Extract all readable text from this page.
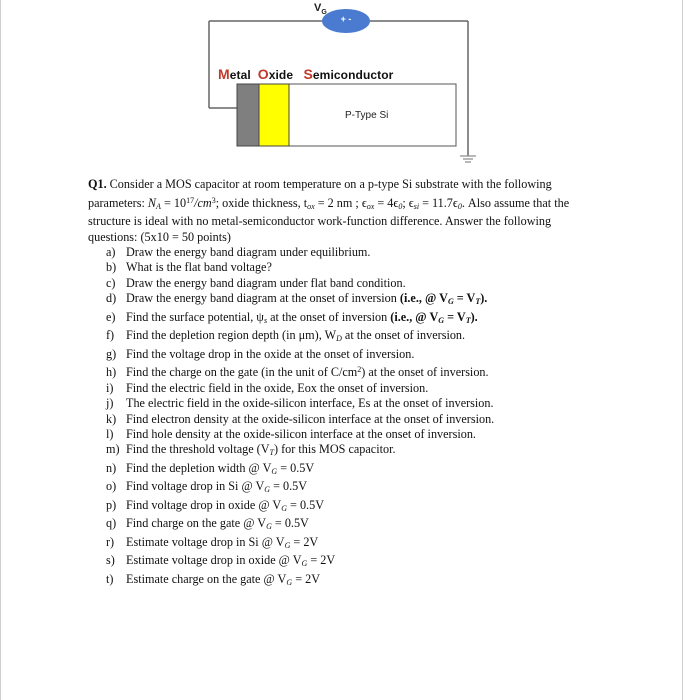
$V_G$
+ -
Metal Oxide Semiconductor
P-Type Si

Q1. Consider a MOS capacitor at room temperature on a p-type Si substrate with the following parameters: $N_A = 10^{17}/cm^3$; oxide thickness, $t_{ox} = 2$ nm ; $\epsilon_{ox} = 4\epsilon_0$; $\epsilon_{si} = 11.7\epsilon_0$. Also assume that the structure is ideal with no metal-semiconductor work-function difference. Answer the following questions: (5x10 = 50 points)

a) Draw the energy band diagram under equilibrium.
b) What is the flat band voltage?
c) Draw the energy band diagram under flat band condition.
d) Draw the energy band diagram at the onset of inversion (i.e., @ $V_G = V_T$).
e) Find the surface potential, $\psi_s$ at the onset of inversion (i.e., @ $V_G = V_T$).
f) Find the depletion region depth (in μm), $W_D$ at the onset of inversion.
g) Find the voltage drop in the oxide at the onset of inversion.
h) Find the charge on the gate (in the unit of $C/cm^2$) at the onset of inversion.
i) Find the electric field in the oxide, Eox the onset of inversion.
j) The electric field in the oxide-silicon interface, Es at the onset of inversion.
k) Find electron density at the oxide-silicon interface at the onset of inversion.
l) Find hole density at the oxide-silicon interface at the onset of inversion.
m) Find the threshold voltage $(V_T)$ for this MOS capacitor.
n) Find the depletion width @ $V_G = 0.5V$
o) Find voltage drop in Si @ $V_G = 0.5V$
p) Find voltage drop in oxide @ $V_G = 0.5V$
q) Find charge on the gate @ $V_G = 0.5V$
r) Estimate voltage drop in Si @ $V_G = 2V$
s) Estimate voltage drop in oxide @ $V_G = 2V$
t) Estimate charge on the gate @ $V_G = 2V$
